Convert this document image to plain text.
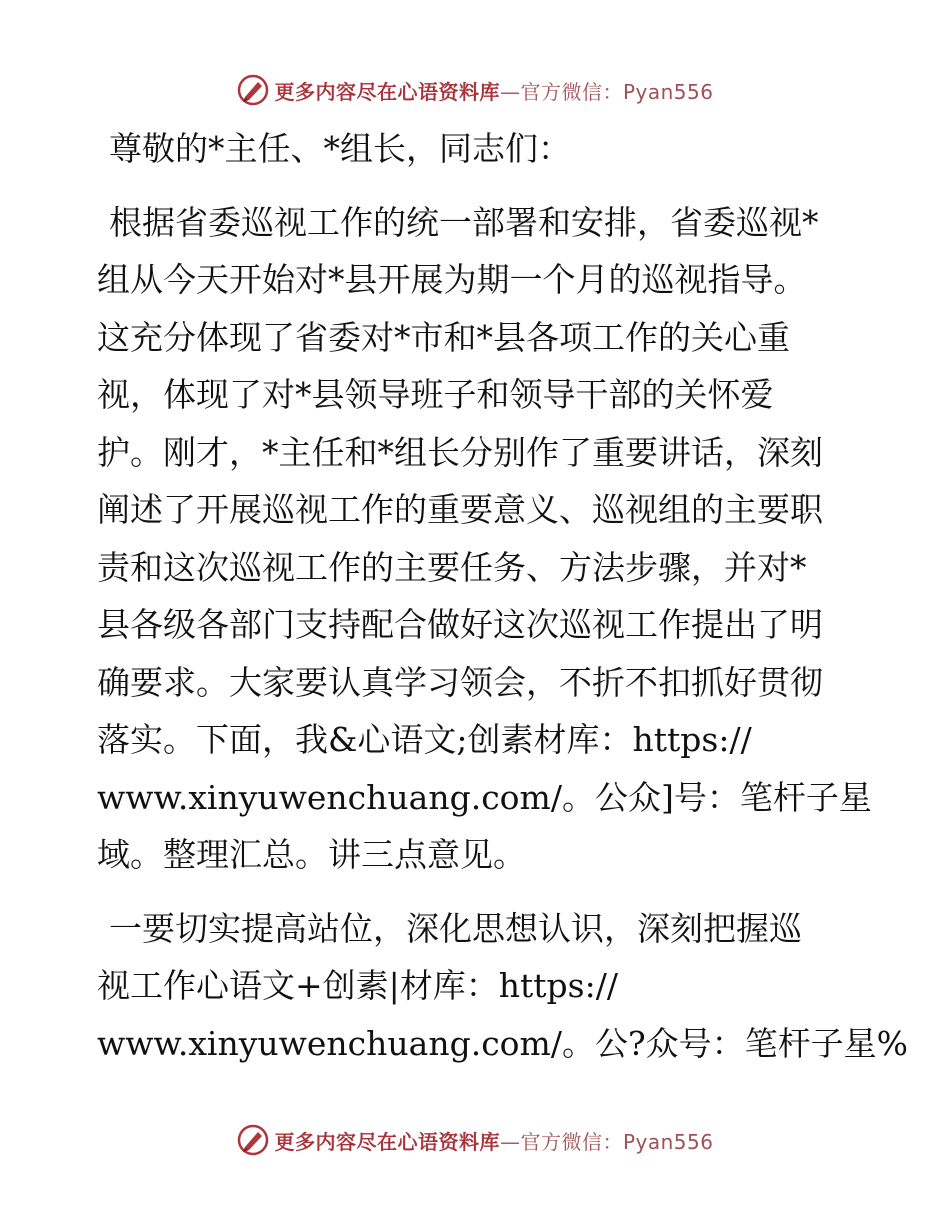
更多内容尽在心语资料库—官方微信：Pyan556

尊敬的*主任、*组长，同志们：

根据省委巡视工作的统一部署和安排，省委巡视*
组从今天开始对*县开展为期一个月的巡视指导。
这充分体现了省委对*市和*县各项工作的关心重
视，体现了对*县领导班子和领导干部的关怀爱
护。刚才，*主任和*组长分别作了重要讲话，深刻
阐述了开展巡视工作的重要意义、巡视组的主要职
责和这次巡视工作的主要任务、方法步骤，并对*
县各级各部门支持配合做好这次巡视工作提出了明
确要求。大家要认真学习领会，不折不扣抓好贯彻
落实。下面，我&心语文;创素材库：https://
www.xinyuwenchuang.com/。公众]号：笔杆子星
域。整理汇总。讲三点意见。

一要切实提高站位，深化思想认识，深刻把握巡
视工作心语文+创素|材库：https://
www.xinyuwenchuang.com/。公?众号：笔杆子星%

更多内容尽在心语资料库—官方微信：Pyan556
